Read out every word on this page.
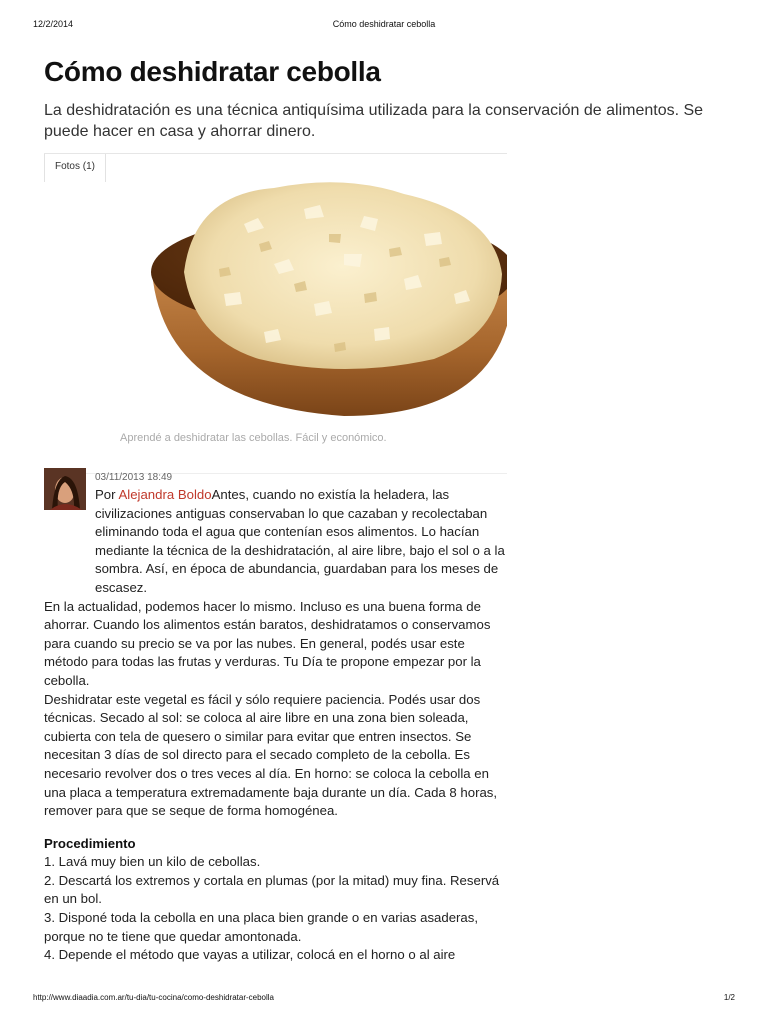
12/2/2014	Cómo deshidratar cebolla
Cómo deshidratar cebolla
La deshidratación es una técnica antiquísima utilizada para la conservación de alimentos. Se puede hacer en casa y ahorrar dinero.
Fotos (1)
Aprendé a deshidratar las cebollas. Fácil y económico.
03/11/2013 18:49

Por Alejandra BoldoAntes, cuando no existía la heladera, las civilizaciones antiguas conservaban lo que cazaban y recolectaban eliminando toda el agua que contenían esos alimentos. Lo hacían mediante la técnica de la deshidratación, al aire libre, bajo el sol o a la sombra. Así, en época de abundancia, guardaban para los meses de escasez.

En la actualidad, podemos hacer lo mismo. Incluso es una buena forma de ahorrar. Cuando los alimentos están baratos, deshidratamos o conservamos para cuando su precio se va por las nubes. En general, podés usar este método para todas las frutas y verduras. Tu Día te propone empezar por la cebolla.

Deshidratar este vegetal es fácil y sólo requiere paciencia. Podés usar dos técnicas. Secado al sol: se coloca al aire libre en una zona bien soleada, cubierta con tela de quesero o similar para evitar que entren insectos. Se necesitan 3 días de sol directo para el secado completo de la cebolla. Es necesario revolver dos o tres veces al día. En horno: se coloca la cebolla en una placa a temperatura extremadamente baja durante un día. Cada 8 horas, remover para que se seque de forma homogénea.

Procedimiento

1. Lavá muy bien un kilo de cebollas.
2. Descartá los extremos y cortala en plumas (por la mitad) muy fina. Reservá en un bol.
3. Disponé toda la cebolla en una placa bien grande o en varias asaderas, porque no te tiene que quedar amontonada.
4. Depende el método que vayas a utilizar, colocá en el horno o al aire
http://www.diaadia.com.ar/tu-dia/tu-cocina/como-deshidratar-cebolla	1/2
